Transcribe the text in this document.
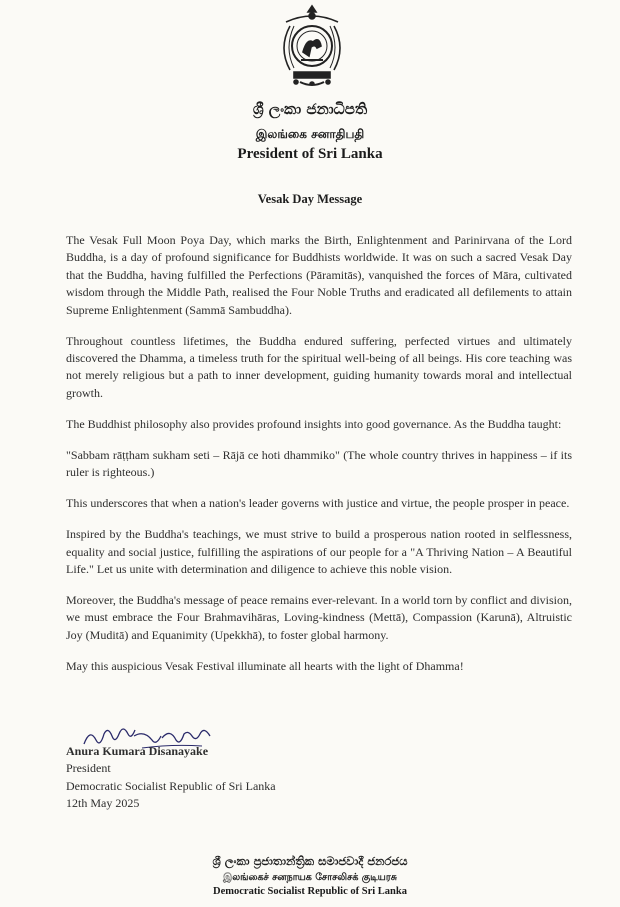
ශ්‍රී ලංකා ජනාධිපති
இலங்கை சனாதிபதி
President of Sri Lanka
Vesak Day Message

The Vesak Full Moon Poya Day, which marks the Birth, Enlightenment and Parinirvana of the Lord Buddha, is a day of profound significance for Buddhists worldwide. It was on such a sacred Vesak Day that the Buddha, having fulfilled the Perfections (Pāramitās), vanquished the forces of Māra, cultivated wisdom through the Middle Path, realised the Four Noble Truths and eradicated all defilements to attain Supreme Enlightenment (Sammā Sambuddha).

Throughout countless lifetimes, the Buddha endured suffering, perfected virtues and ultimately discovered the Dhamma, a timeless truth for the spiritual well-being of all beings. His core teaching was not merely religious but a path to inner development, guiding humanity towards moral and intellectual growth.

The Buddhist philosophy also provides profound insights into good governance. As the Buddha taught:

"Sabbam rāṭṭham sukham seti – Rājā ce hoti dhammiko" (The whole country thrives in happiness – if its ruler is righteous.)

This underscores that when a nation's leader governs with justice and virtue, the people prosper in peace.

Inspired by the Buddha's teachings, we must strive to build a prosperous nation rooted in selflessness, equality and social justice, fulfilling the aspirations of our people for a "A Thriving Nation – A Beautiful Life." Let us unite with determination and diligence to achieve this noble vision.

Moreover, the Buddha's message of peace remains ever-relevant. In a world torn by conflict and division, we must embrace the Four Brahmavihāras, Loving-kindness (Mettā), Compassion (Karunā), Altruistic Joy (Muditā) and Equanimity (Upekkhā), to foster global harmony.

May this auspicious Vesak Festival illuminate all hearts with the light of Dhamma!

Anura Kumara Disanayake
President
Democratic Socialist Republic of Sri Lanka
12th May 2025
ශ්‍රී ලංකා ප්‍රජාතාන්ත්‍රික සමාජවාදී ජනරජය
இலங்கைச் சனநாயக சோசலிசக் குடியரசு
Democratic Socialist Republic of Sri Lanka
